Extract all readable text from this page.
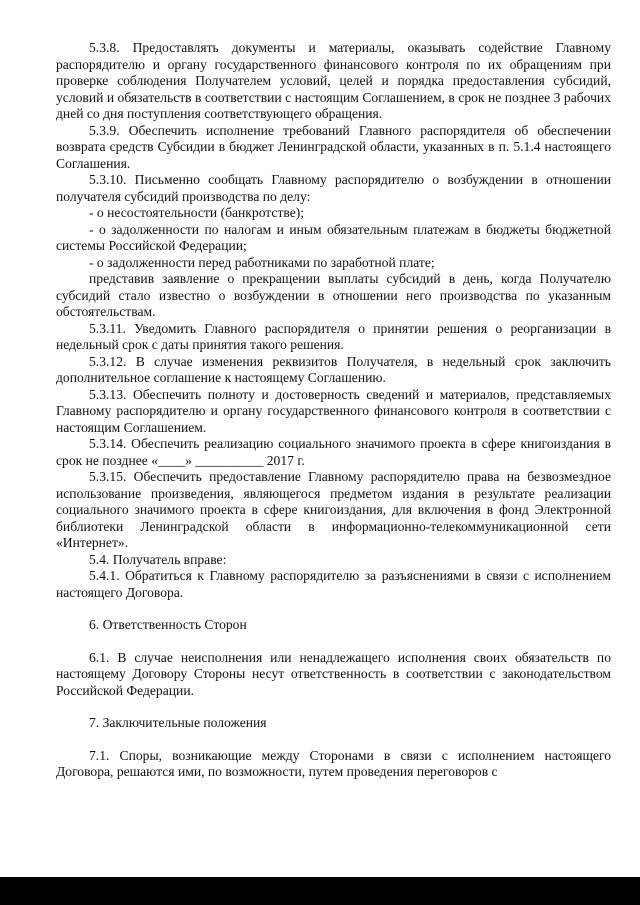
5.3.8. Предоставлять документы и материалы, оказывать содействие Главному распорядителю и органу государственного финансового контроля по их обращениям при проверке соблюдения Получателем условий, целей и порядка предоставления субсидий, условий и обязательств в соответствии с настоящим Соглашением, в срок не позднее 3 рабочих дней со дня поступления соответствующего обращения.

5.3.9. Обеспечить исполнение требований Главного распорядителя об обеспечении возврата средств Субсидии в бюджет Ленинградской области, указанных в п. 5.1.4 настоящего Соглашения.

5.3.10. Письменно сообщать Главному распорядителю о возбуждении в отношении получателя субсидий производства по делу:

- о несостоятельности (банкротстве);

- о задолженности по налогам и иным обязательным платежам в бюджеты бюджетной системы Российской Федерации;

- о задолженности перед работниками по заработной плате;

представив заявление о прекращении выплаты субсидий в день, когда Получателю субсидий стало известно о возбуждении в отношении него производства по указанным обстоятельствам.

5.3.11. Уведомить Главного распорядителя о принятии решения о реорганизации в недельный срок с даты принятия такого решения.

5.3.12. В случае изменения реквизитов Получателя, в недельный срок заключить дополнительное соглашение к настоящему Соглашению.

5.3.13. Обеспечить полноту и достоверность сведений и материалов, представляемых Главному распорядителю и органу государственного финансового контроля в соответствии с настоящим Соглашением.

5.3.14. Обеспечить реализацию социального значимого проекта в сфере книгоиздания в срок не позднее «____» __________ 2017 г.

5.3.15. Обеспечить предоставление Главному распорядителю права на безвозмездное использование произведения, являющегося предметом издания в результате реализации социального значимого проекта в сфере книгоиздания, для включения в фонд Электронной библиотеки Ленинградской области в информационно-телекоммуникационной сети «Интернет».

5.4. Получатель вправе:

5.4.1. Обратиться к Главному распорядителю за разъяснениями в связи с исполнением настоящего Договора.

6. Ответственность Сторон

6.1. В случае неисполнения или ненадлежащего исполнения своих обязательств по настоящему Договору Стороны несут ответственность в соответствии с законодательством Российской Федерации.

7. Заключительные положения

7.1. Споры, возникающие между Сторонами в связи с исполнением настоящего Договора, решаются ими, по возможности, путем проведения переговоров с
